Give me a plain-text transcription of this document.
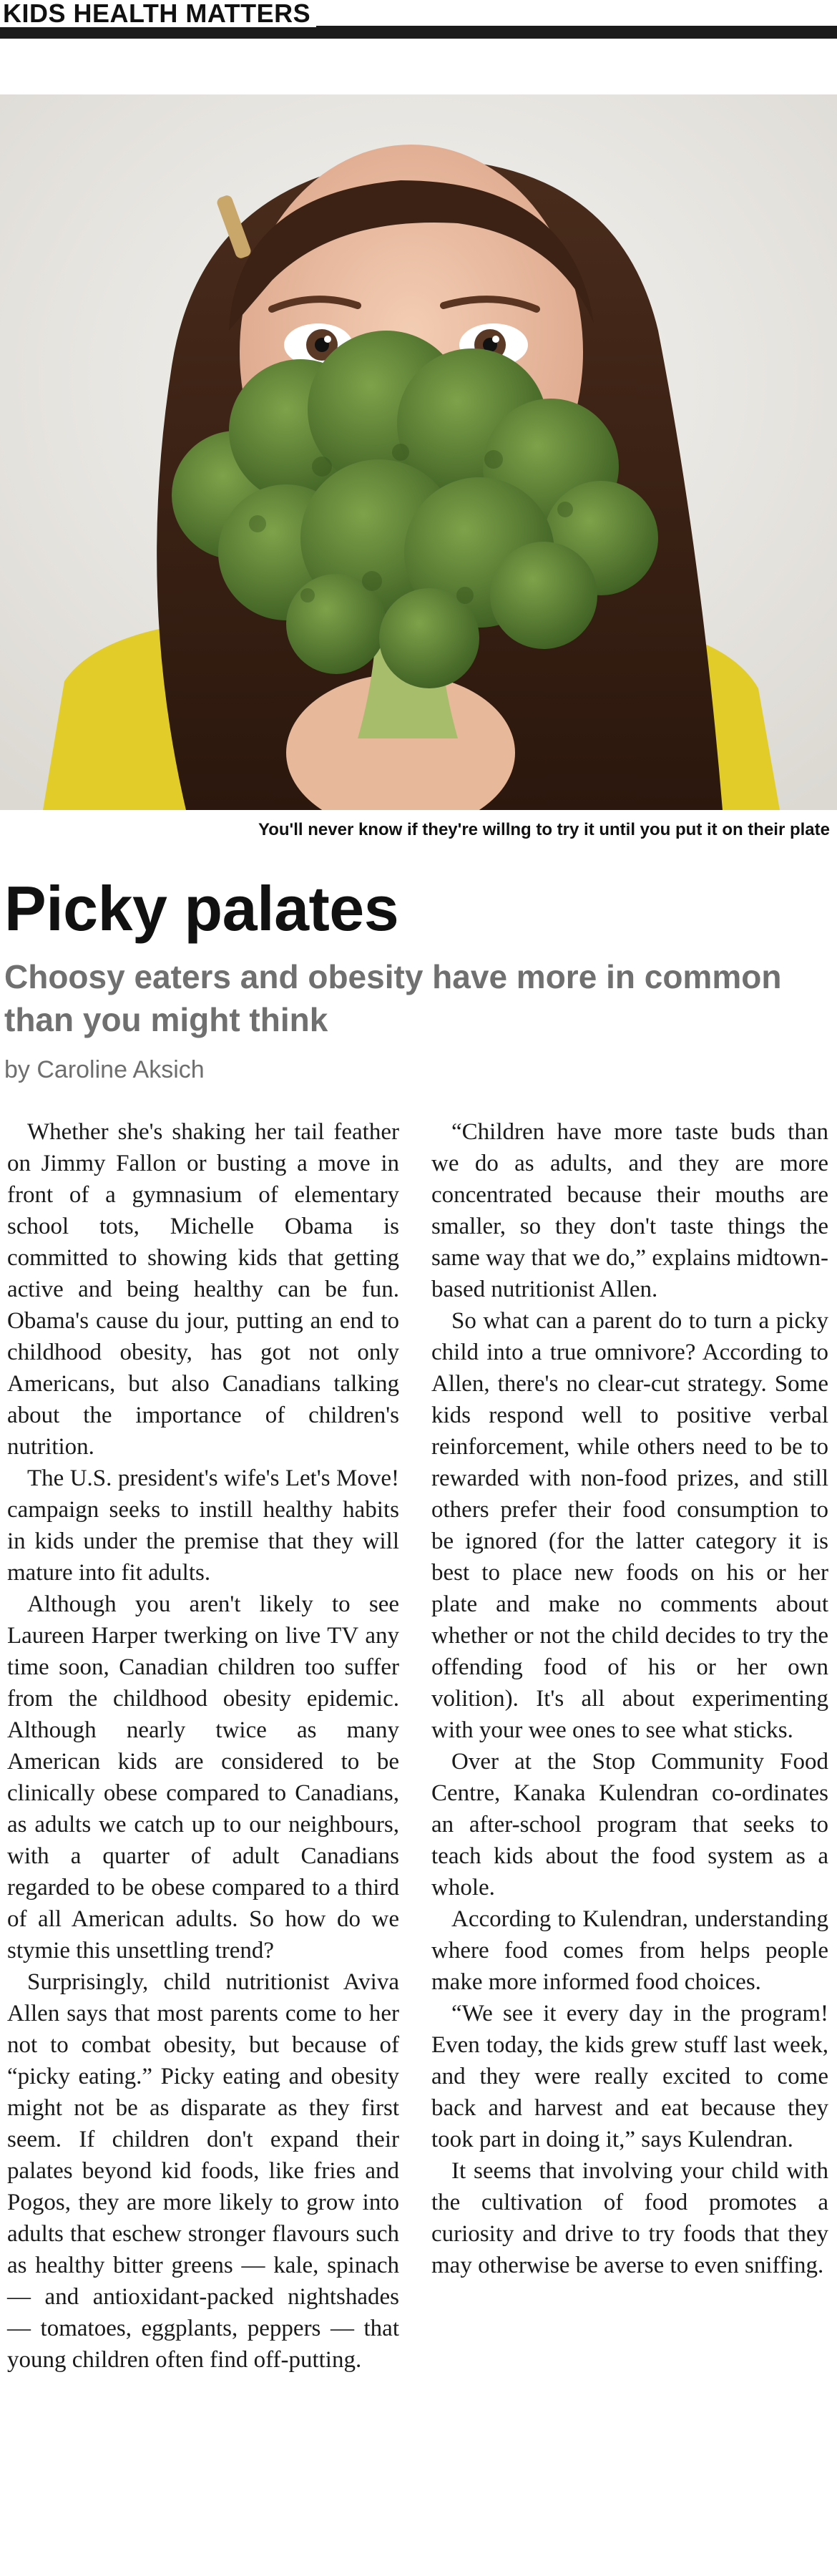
KIDS HEALTH MATTERS
You'll never know if they're willng to try it until you put it on their plate
Picky palates
Choosy eaters and obesity have more in common than you might think

by Caroline Aksich

Whether she's shaking her tail feather on Jimmy Fallon or busting a move in front of a gymnasium of elementary school tots, Michelle Obama is committed to showing kids that getting active and being healthy can be fun. Obama's cause du jour, putting an end to childhood obesity, has got not only Americans, but also Canadians talking about the importance of children's nutrition.

The U.S. president's wife's Let's Move! campaign seeks to instill healthy habits in kids under the premise that they will mature into fit adults.

Although you aren't likely to see Laureen Harper twerking on live TV any time soon, Canadian children too suffer from the childhood obesity epidemic. Although nearly twice as many American kids are considered to be clinically obese compared to Canadians, as adults we catch up to our neighbours, with a quarter of adult Canadians regarded to be obese compared to a third of all American adults. So how do we stymie this unsettling trend?

Surprisingly, child nutritionist Aviva Allen says that most parents come to her not to combat obesity, but because of “picky eating.” Picky eating and obesity might not be as disparate as they first seem. If children don't expand their palates beyond kid foods, like fries and Pogos, they are more likely to grow into adults that eschew stronger flavours such as healthy bitter greens — kale, spinach — and antioxidant-packed nightshades — tomatoes, eggplants, peppers — that young children often find off-putting.

“Children have more taste buds than we do as adults, and they are more concentrated because their mouths are smaller, so they don't taste things the same way that we do,” explains midtown-based nutritionist Allen.

So what can a parent do to turn a picky child into a true omnivore? According to Allen, there's no clear-cut strategy. Some kids respond well to positive verbal reinforcement, while others need to be to rewarded with non-food prizes, and still others prefer their food consumption to be ignored (for the latter category it is best to place new foods on his or her plate and make no comments about whether or not the child decides to try the offending food of his or her own volition). It's all about experimenting with your wee ones to see what sticks.

Over at the Stop Community Food Centre, Kanaka Kulendran co-ordinates an after-school program that seeks to teach kids about the food system as a whole.

According to Kulendran, understanding where food comes from helps people make more informed food choices.

“We see it every day in the program! Even today, the kids grew stuff last week, and they were really excited to come back and harvest and eat because they took part in doing it,” says Kulendran.

It seems that involving your child with the cultivation of food promotes a curiosity and drive to try foods that they may otherwise be averse to even sniffing.
